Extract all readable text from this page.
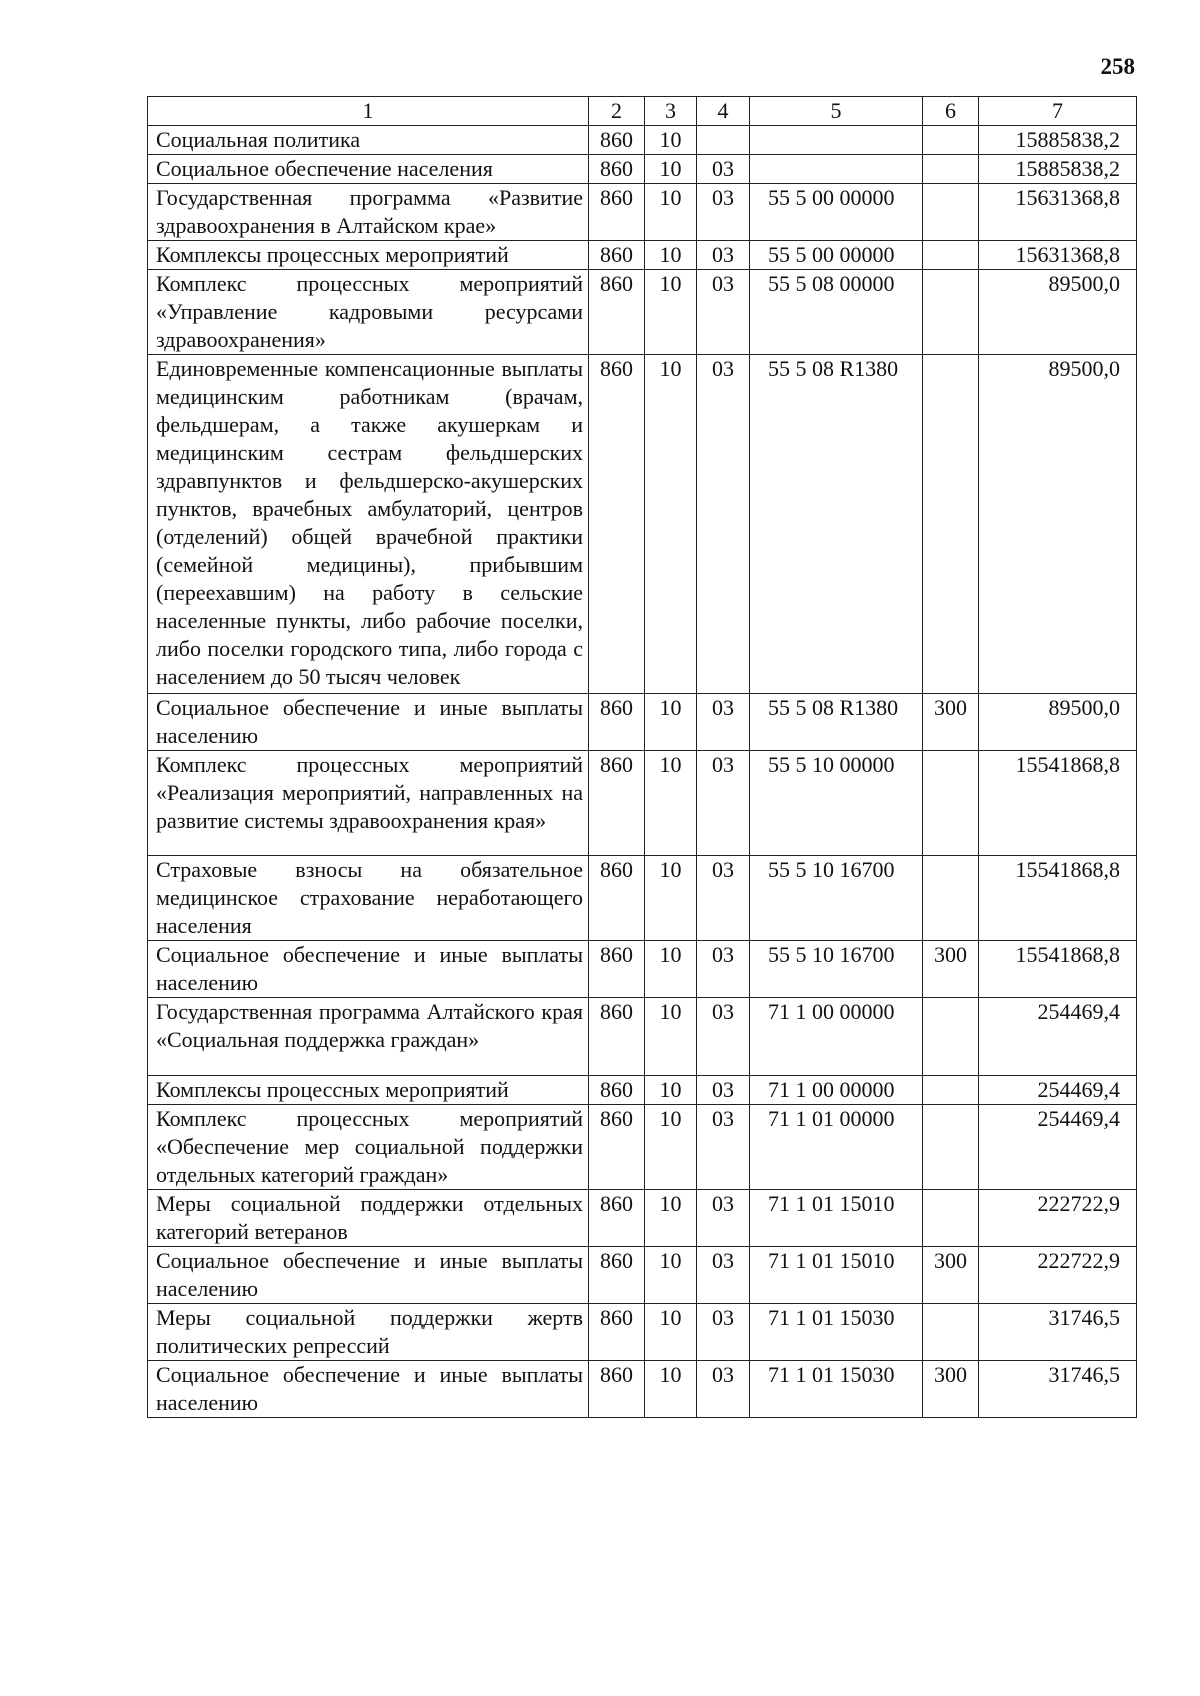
258
1	2	3	4	5	6	7
Социальная политика	860	10				15885838,2
Социальное обеспечение населения	860	10	03			15885838,2
Государственная программа «Развитие здравоохранения в Алтайском крае»	860	10	03	55 5 00 00000		15631368,8
Комплексы процессных мероприятий	860	10	03	55 5 00 00000		15631368,8
Комплекс процессных мероприятий «Управление кадровыми ресурсами здравоохранения»	860	10	03	55 5 08 00000		89500,0
Единовременные компенсационные выплаты медицинским работникам (врачам, фельдшерам, а также акушеркам и медицинским сестрам фельдшерских здравпунктов и фельдшерско-акушерских пунктов, врачебных амбулаторий, центров (отделений) общей врачебной практики (семейной медицины), прибывшим (переехавшим) на работу в сельские населенные пункты, либо рабочие поселки, либо поселки городского типа, либо города с населением до 50 тысяч человек	860	10	03	55 5 08 R1380		89500,0
Социальное обеспечение и иные выплаты населению	860	10	03	55 5 08 R1380	300	89500,0
Комплекс процессных мероприятий «Реализация мероприятий, направленных на развитие системы здравоохранения края»	860	10	03	55 5 10 00000		15541868,8
Страховые взносы на обязательное медицинское страхование неработающего населения	860	10	03	55 5 10 16700		15541868,8
Социальное обеспечение и иные выплаты населению	860	10	03	55 5 10 16700	300	15541868,8
Государственная программа Алтайского края «Социальная поддержка граждан»	860	10	03	71 1 00 00000		254469,4
Комплексы процессных мероприятий	860	10	03	71 1 00 00000		254469,4
Комплекс процессных мероприятий «Обеспечение мер социальной поддержки отдельных категорий граждан»	860	10	03	71 1 01 00000		254469,4
Меры социальной поддержки отдельных категорий ветеранов	860	10	03	71 1 01 15010		222722,9
Социальное обеспечение и иные выплаты населению	860	10	03	71 1 01 15010	300	222722,9
Меры социальной поддержки жертв политических репрессий	860	10	03	71 1 01 15030		31746,5
Социальное обеспечение и иные выплаты населению	860	10	03	71 1 01 15030	300	31746,5
